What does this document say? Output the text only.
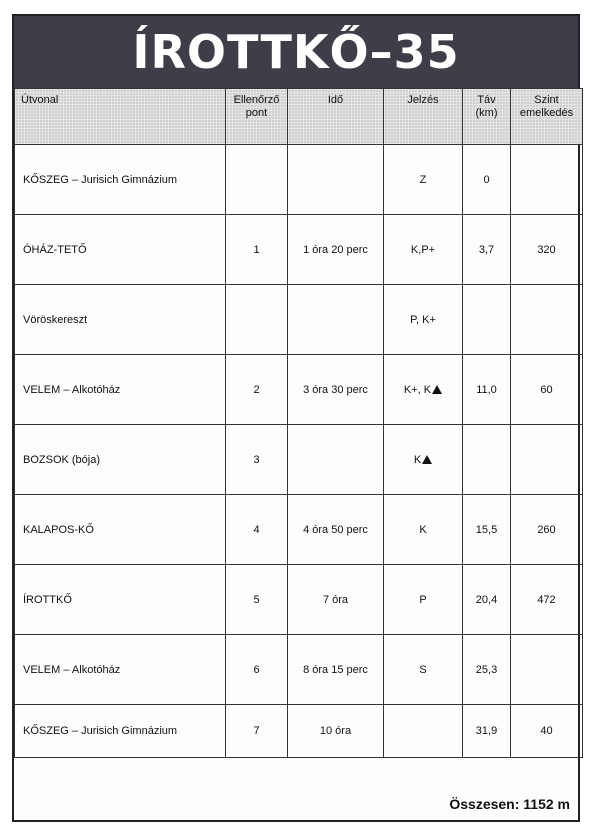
ÍROTTKŐ–35
Útvonal	Ellenőrző pont	Idő	Jelzés	Táv (km)	Szint emelkedés
KŐSZEG – Jurisich Gimnázium			Z	0	
ÓHÁZ-TETŐ	1	1 óra 20 perc	K,P+	3,7	320
Vöröskereszt			P, K+		
VELEM – Alkotóház	2	3 óra 30 perc	K+, K	11,0	60
BOZSOK (bója)	3		K		
KALAPOS-KŐ	4	4 óra 50 perc	K	15,5	260
ÍROTTKŐ	5	7 óra	P	20,4	472
VELEM – Alkotóház	6	8 óra 15 perc	S	25,3	
KŐSZEG – Jurisich Gimnázium	7	10 óra		31,9	40
Összesen: 1152 m
